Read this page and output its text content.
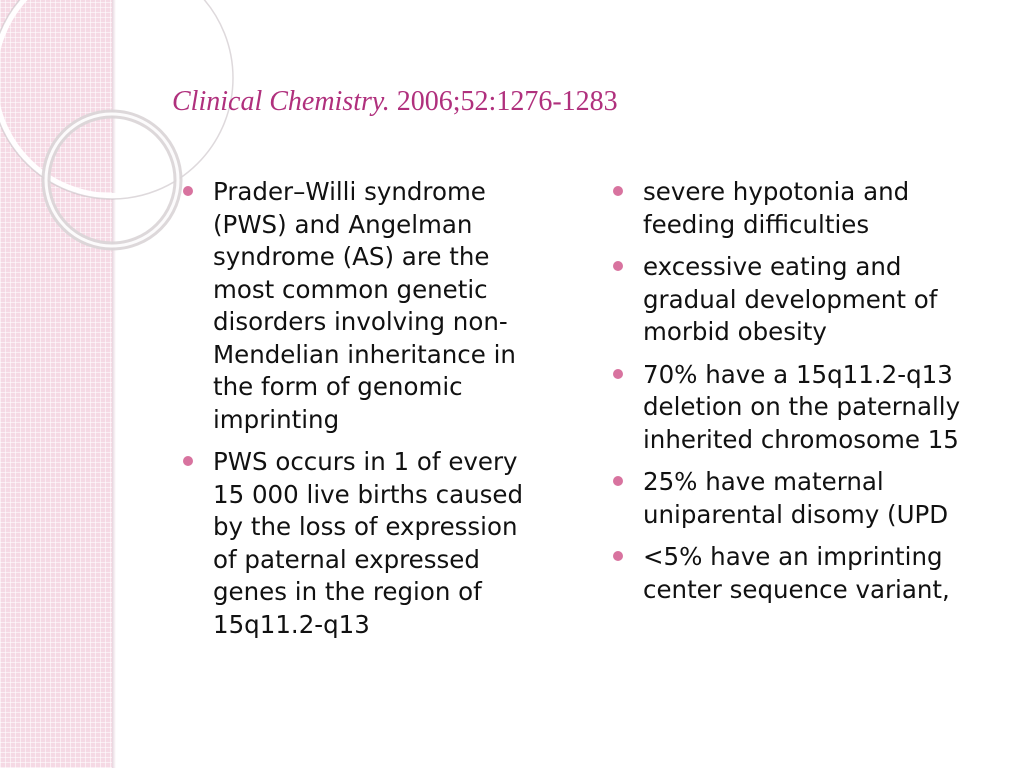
Clinical Chemistry. 2006;52:1276-1283
Prader–Willi syndrome (PWS) and Angelman syndrome (AS) are the most common genetic disorders involving non-Mendelian inheritance in the form of genomic imprinting
PWS occurs in 1 of every 15 000 live births caused by the loss of expression of paternal expressed genes in the region of 15q11.2-q13
severe hypotonia and feeding difficulties
excessive eating and gradual development of morbid obesity
70% have a 15q11.2-q13 deletion on the paternally inherited chromosome 15
25% have maternal uniparental disomy (UPD
<5% have an imprinting center sequence variant,
